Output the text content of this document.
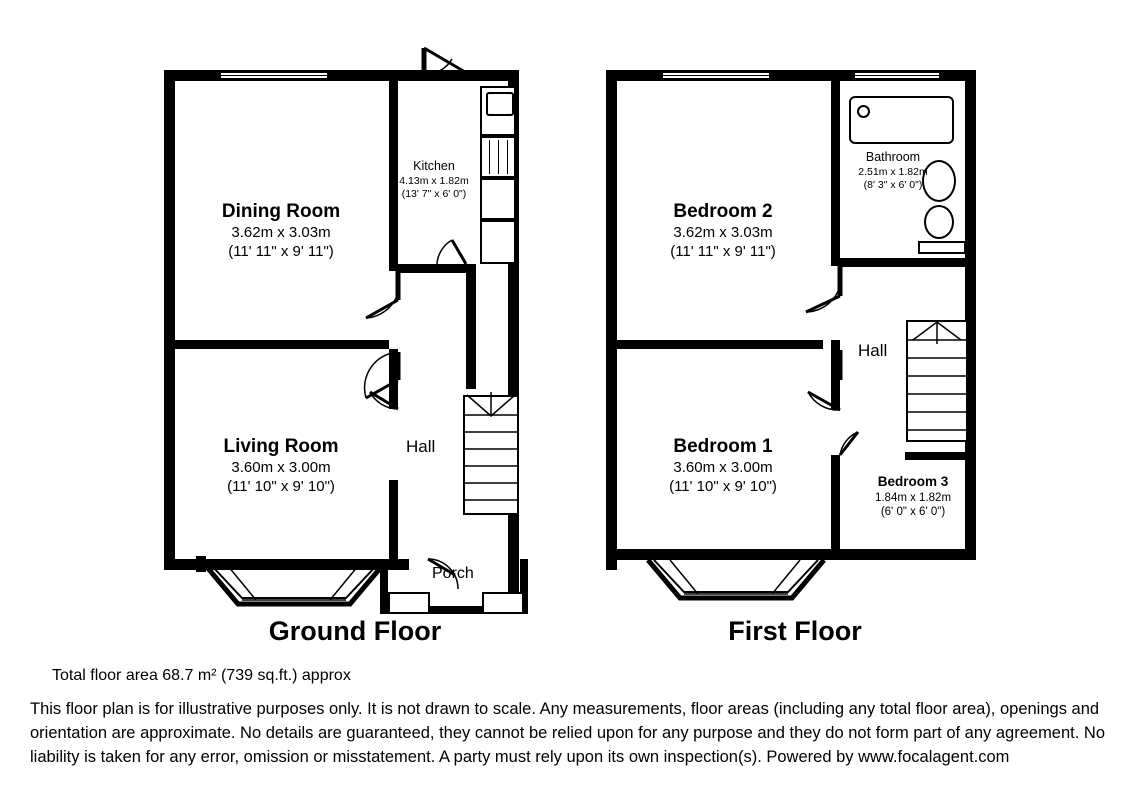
Dining Room
3.62m x 3.03m
(11' 11" x 9' 11")
Kitchen
4.13m x 1.82m
(13' 7" x 6' 0")
Living Room
3.60m x 3.00m
(11' 10" x 9' 10")
Hall
Porch
Ground Floor
Bedroom 2
3.62m x 3.03m
(11' 11" x 9' 11")
Bathroom
2.51m x 1.82m
(8' 3" x 6' 0")
Bedroom 1
3.60m x 3.00m
(11' 10" x 9' 10")	Bedroom 3
1.84m x 1.82m
(6' 0" x 6' 0")
Hall
First Floor
Total floor area 68.7 m² (739 sq.ft.) approx
This floor plan is for illustrative purposes only. It is not drawn to scale. Any measurements, floor areas (including any total floor area), openings and orientation are approximate. No details are guaranteed, they cannot be relied upon for any purpose and they do not form part of any agreement. No liability is taken for any error, omission or misstatement. A party must rely upon its own inspection(s). Powered by www.focalagent.com
